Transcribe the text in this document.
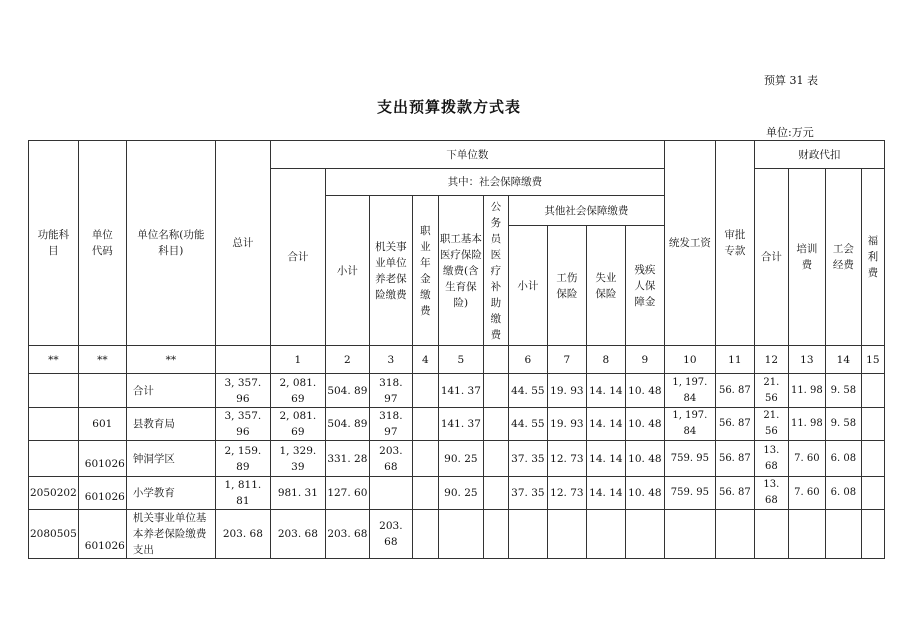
预算 31 表
支出预算拨款方式表
单位:万元
功能科目	单位代码	单位名称(功能科目)	总计	下单位数										统发工资	审批专款	财政代扣			
				合计	其中：社会保障缴费											合计	培训费	工会经费	福利费
					小计	机关事业单位养老保险缴费	职业年金缴费	职工基本医疗保险缴费(含生育保险)	公务员医疗补助缴费	其他社会保障缴费									
										小计	工伤保险	失业保险	残疾人保障金						

**	**	**		1	2	3	4	5		6	7	8	9	10	11	12	13	14	15
		合计	3, 357. 96	2, 081. 69	504. 89	318. 97		141. 37		44. 55	19. 93	14. 14	10. 48	1, 197. 84	56. 87	21. 56	11. 98	9. 58	
	601	县教育局	3, 357. 96	2, 081. 69	504. 89	318. 97		141. 37		44. 55	19. 93	14. 14	10. 48	1, 197. 84	56. 87	21. 56	11. 98	9. 58	
	601026	钟洞学区	2, 159. 89	1, 329. 39	331. 28	203. 68		90. 25		37. 35	12. 73	14. 14	10. 48	759. 95	56. 87	13. 68	7. 60	6. 08	
2050202	601026	小学教育	1, 811. 81	981. 31	127. 60			90. 25		37. 35	12. 73	14. 14	10. 48	759. 95	56. 87	13. 68	7. 60	6. 08	
2080505	601026	机关事业单位基本养老保险缴费支出	203. 68	203. 68	203. 68	203. 68													
